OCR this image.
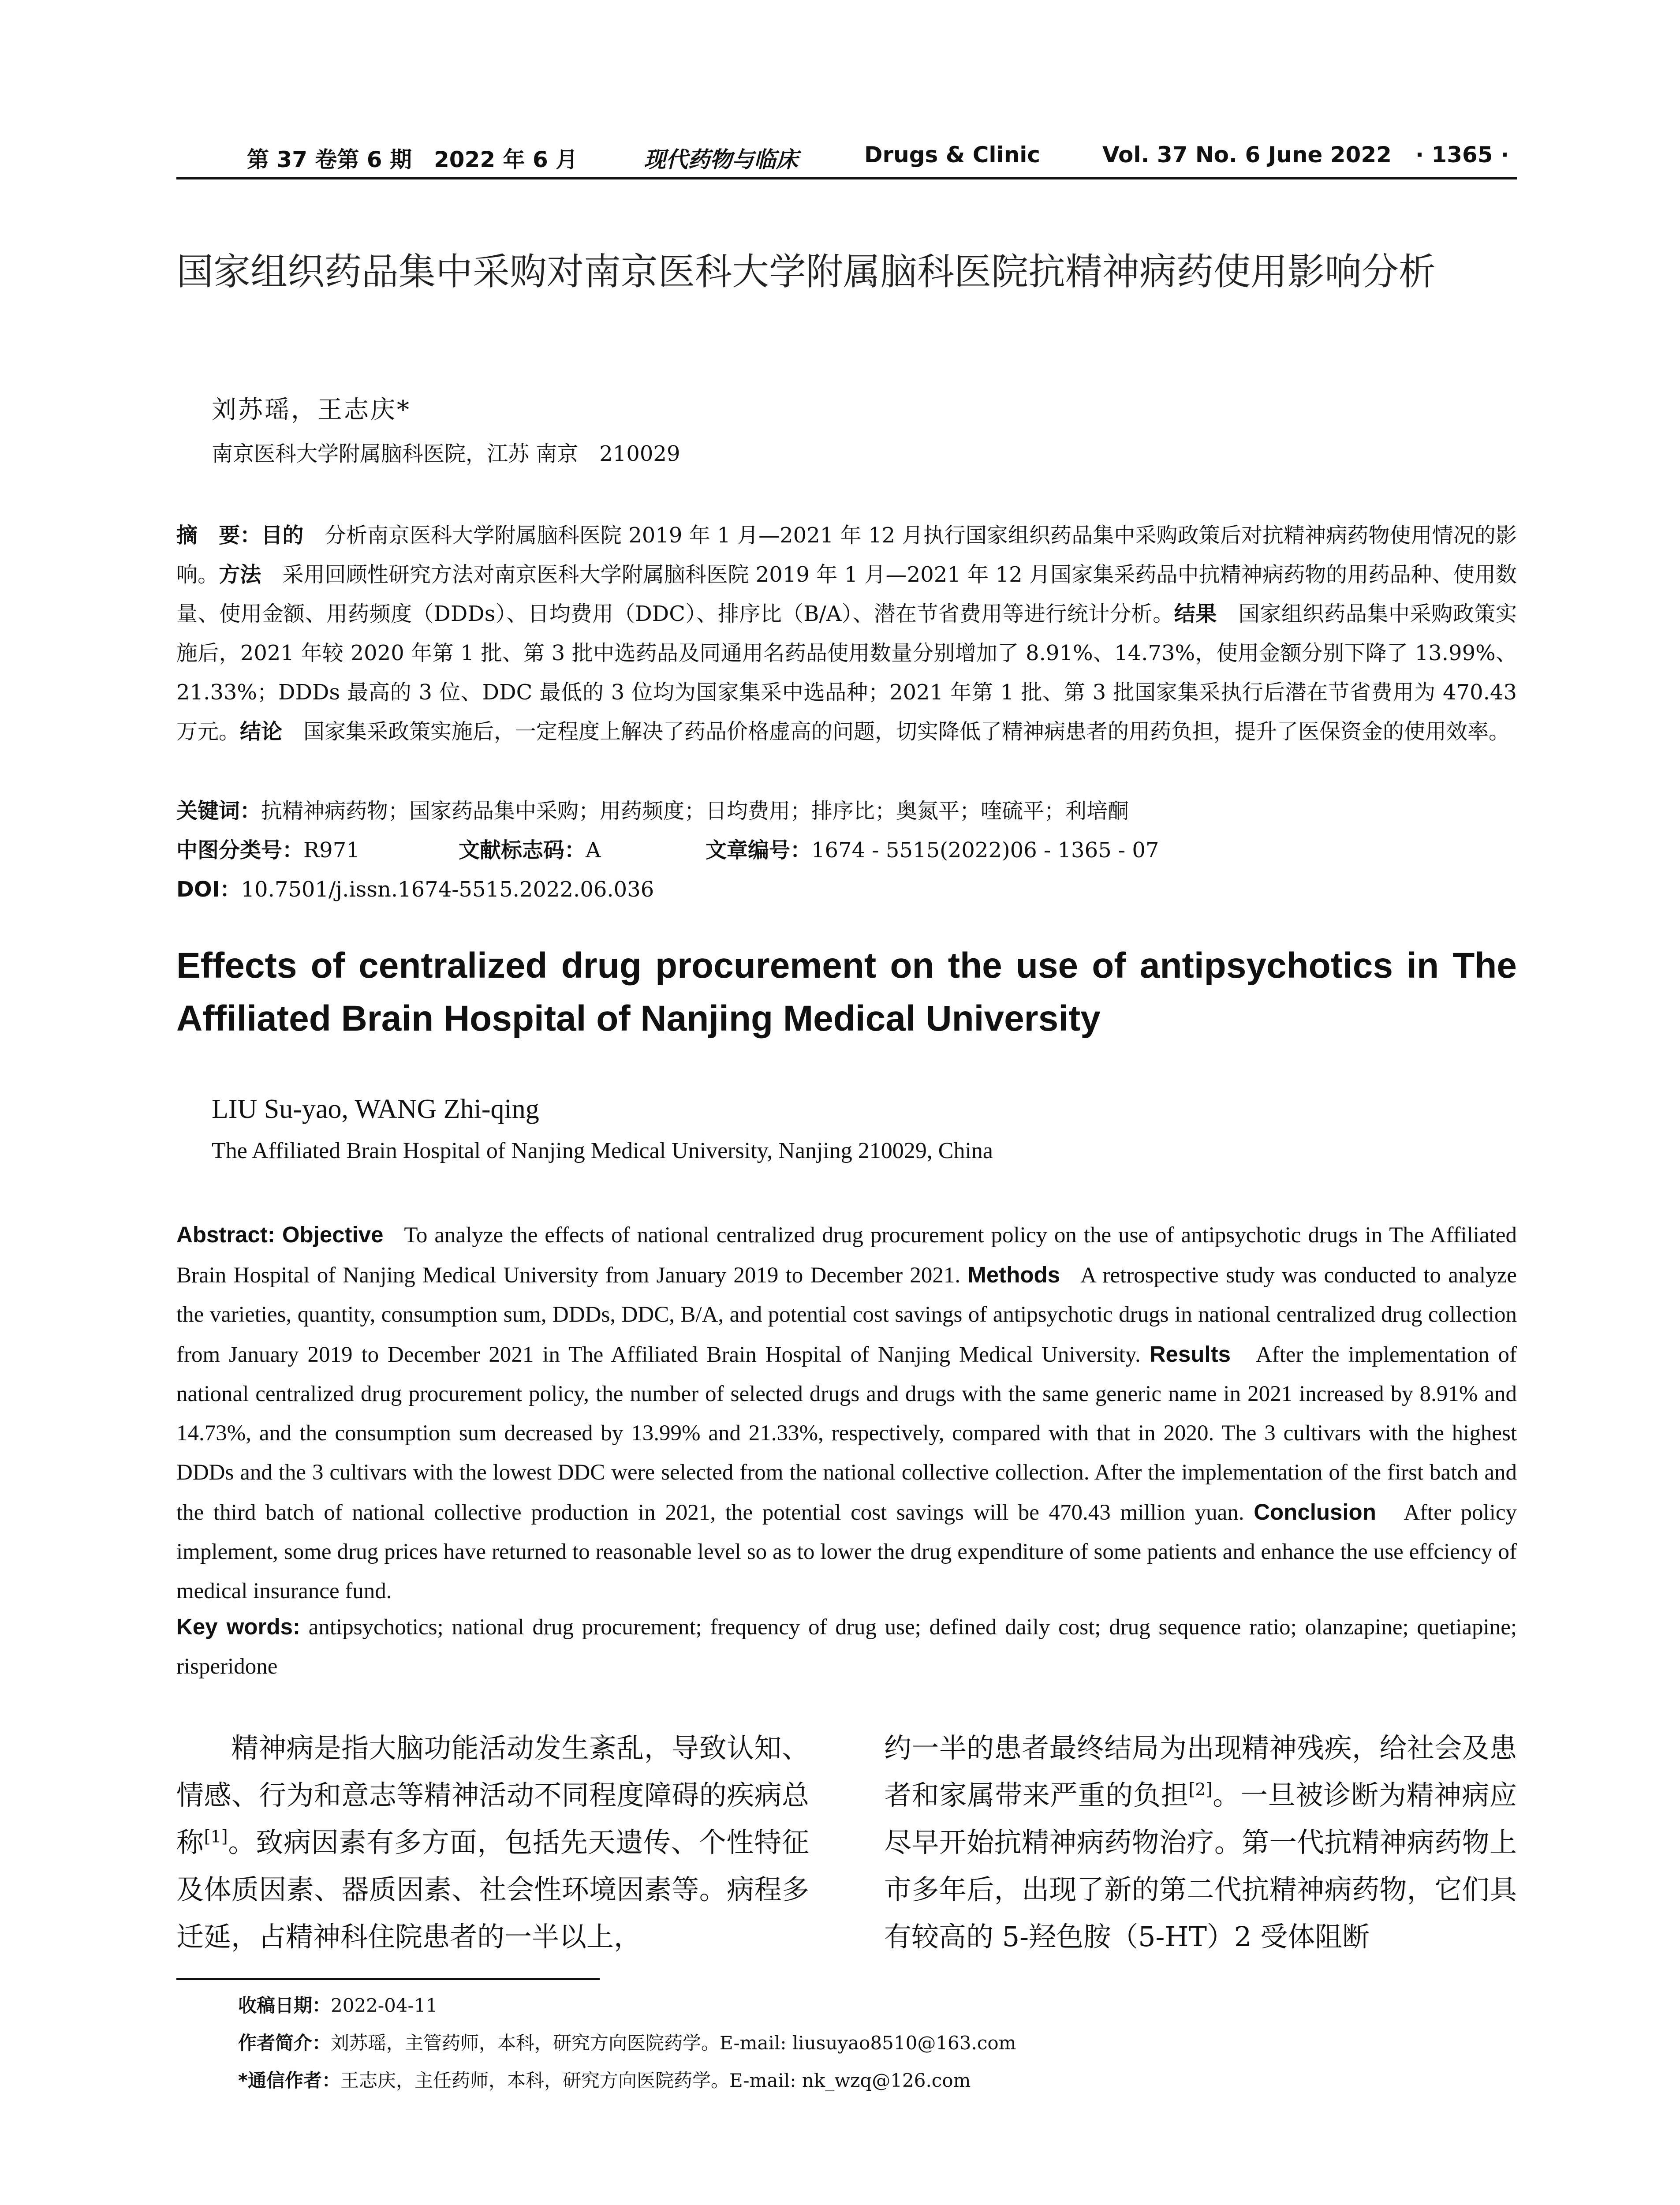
第 37 卷第 6 期　2022 年 6 月	现代药物与临床	Drugs & Clinic	Vol. 37 No. 6 June 2022 · 1365 ·
国家组织药品集中采购对南京医科大学附属脑科医院抗精神病药使用影响分析
刘苏瑶，王志庆*
南京医科大学附属脑科医院，江苏 南京　210029
摘　要：目的　 分析南京医科大学附属脑科医院 2019 年 1 月—2021 年 12 月执行国家组织药品集中采购政策后对抗精神病药物使用情况的影响。方法　 采用回顾性研究方法对南京医科大学附属脑科医院 2019 年 1 月—2021 年 12 月国家集采药品中抗精神病药物的用药品种、使用数量、使用金额、用药频度（DDDs）、日均费用（DDC）、排序比（B/A）、潜在节省费用等进行统计分析。结果　 国家组织药品集中采购政策实施后，2021 年较 2020 年第 1 批、第 3 批中选药品及同通用名药品使用数量分别增加了 8.91%、14.73%，使用金额分别下降了 13.99%、21.33%；DDDs 最高的 3 位、DDC 最低的 3 位均为国家集采中选品种；2021 年第 1 批、第 3 批国家集采执行后潜在节省费用为 470.43 万元。结论　 国家集采政策实施后，一定程度上解决了药品价格虚高的问题，切实降低了精神病患者的用药负担，提升了医保资金的使用效率。
关键词：抗精神病药物；国家药品集中采购；用药频度；日均费用；排序比；奥氮平；喹硫平；利培酮
中图分类号：R971	文献标志码：A	文章编号：1674 - 5515(2022)06 - 1365 - 07
DOI：10.7501/j.issn.1674-5515.2022.06.036
Effects of centralized drug procurement on the use of antipsychotics in The Affiliated Brain Hospital of Nanjing Medical University
LIU Su-yao, WANG Zhi-qing
The Affiliated Brain Hospital of Nanjing Medical University, Nanjing 210029, China
Abstract: Objective To analyze the effects of national centralized drug procurement policy on the use of antipsychotic drugs in The Affiliated Brain Hospital of Nanjing Medical University from January 2019 to December 2021. Methods A retrospective study was conducted to analyze the varieties, quantity, consumption sum, DDDs, DDC, B/A, and potential cost savings of antipsychotic drugs in national centralized drug collection from January 2019 to December 2021 in The Affiliated Brain Hospital of Nanjing Medical University. Results After the implementation of national centralized drug procurement policy, the number of selected drugs and drugs with the same generic name in 2021 increased by 8.91% and 14.73%, and the consumption sum decreased by 13.99% and 21.33%, respectively, compared with that in 2020. The 3 cultivars with the highest DDDs and the 3 cultivars with the lowest DDC were selected from the national collective collection. After the implementation of the first batch and the third batch of national collective production in 2021, the potential cost savings will be 470.43 million yuan. Conclusion After policy implement, some drug prices have returned to reasonable level so as to lower the drug expenditure of some patients and enhance the use effciency of medical insurance fund.
Key words: antipsychotics; national drug procurement; frequency of drug use; defined daily cost; drug sequence ratio; olanzapine; quetiapine; risperidone
精神病是指大脑功能活动发生紊乱，导致认知、情感、行为和意志等精神活动不同程度障碍的疾病总称[1]。致病因素有多方面，包括先天遗传、个性特征及体质因素、器质因素、社会性环境因素等。病程多迁延，占精神科住院患者的一半以上，
约一半的患者最终结局为出现精神残疾，给社会及患者和家属带来严重的负担[2]。一旦被诊断为精神病应尽早开始抗精神病药物治疗。第一代抗精神病药物上市多年后，出现了新的第二代抗精神病药物，它们具有较高的 5-羟色胺（5-HT）2 受体阻断
收稿日期：2022-04-11
作者简介：刘苏瑶，主管药师，本科，研究方向医院药学。E-mail: liusuyao8510@163.com
*通信作者：王志庆，主任药师，本科，研究方向医院药学。E-mail: nk_wzq@126.com
